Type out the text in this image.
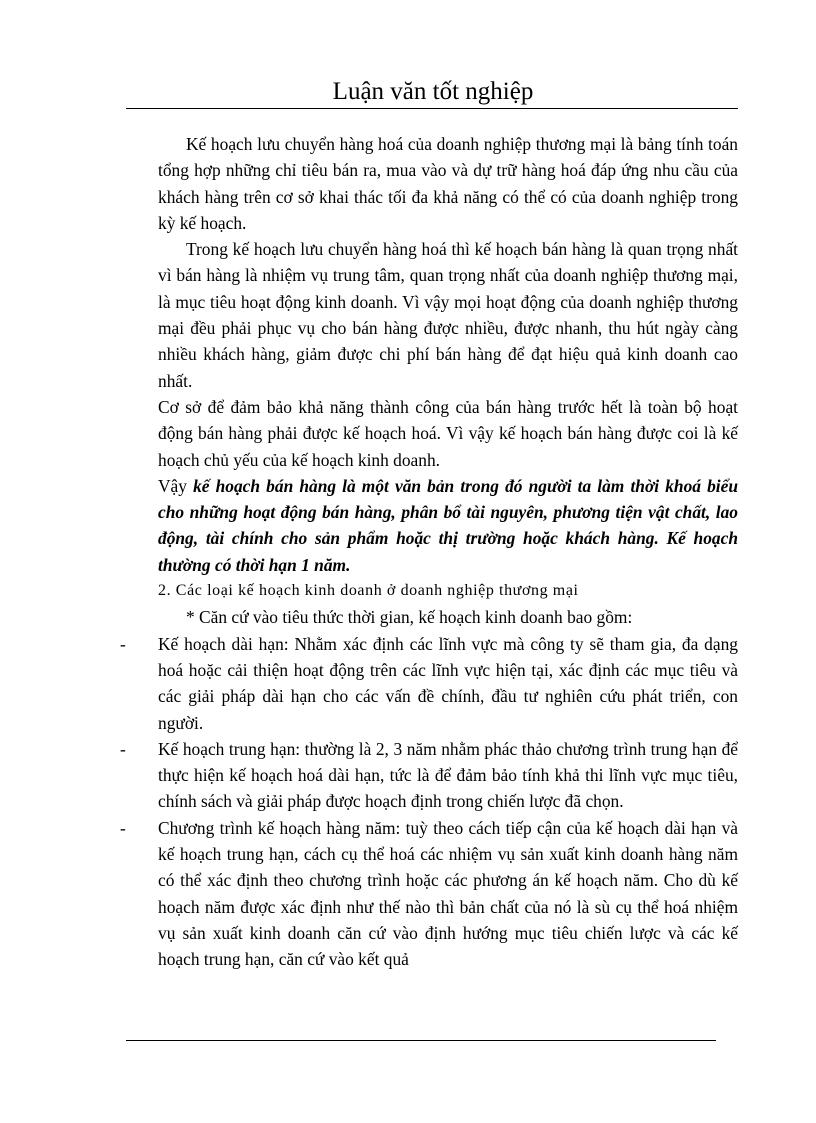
Luận văn tốt nghiệp

Kế hoạch lưu chuyển hàng hoá của doanh nghiệp thương mại là bảng tính toán tổng hợp những chỉ tiêu bán ra, mua vào và dự trữ hàng hoá đáp ứng nhu cầu của khách hàng trên cơ sở khai thác tối đa khả năng có thể có của doanh nghiệp trong kỳ kế hoạch.

Trong kế hoạch lưu chuyển hàng hoá thì kế hoạch bán hàng là quan trọng nhất vì bán hàng là nhiệm vụ trung tâm, quan trọng nhất của doanh nghiệp thương mại, là mục tiêu hoạt động kinh doanh. Vì vậy mọi hoạt động của doanh nghiệp thương mại đều phải phục vụ cho bán hàng được nhiều, được nhanh, thu hút ngày càng nhiều khách hàng, giảm được chi phí bán hàng để đạt hiệu quả kinh doanh cao nhất.

Cơ sở để đảm bảo khả năng thành công của bán hàng trước hết là toàn bộ hoạt động bán hàng phải được kế hoạch hoá. Vì vậy kế hoạch bán hàng được coi là kế hoạch chủ yếu của kế hoạch kinh doanh.

Vậy kế hoạch bán hàng là một văn bản trong đó người ta làm thời khoá biểu cho những hoạt động bán hàng, phân bổ tài nguyên, phương tiện vật chất, lao động, tài chính cho sản phẩm hoặc thị trường hoặc khách hàng. Kế hoạch thường có thời hạn 1 năm.

2. Các loại kế hoạch kinh doanh ở doanh nghiệp thương mại

* Căn cứ vào tiêu thức thời gian, kế hoạch kinh doanh bao gồm:

- Kế hoạch dài hạn: Nhằm xác định các lĩnh vực mà công ty sẽ tham gia, đa dạng hoá hoặc cải thiện hoạt động trên các lĩnh vực hiện tại, xác định các mục tiêu và các giải pháp dài hạn cho các vấn đề chính, đầu tư nghiên cứu phát triển, con người.

- Kế hoạch trung hạn: thường là 2, 3 năm nhằm phác thảo chương trình trung hạn để thực hiện kế hoạch hoá dài hạn, tức là để đảm bảo tính khả thi lĩnh vực mục tiêu, chính sách và giải pháp được hoạch định trong chiến lược đã chọn.

- Chương trình kế hoạch hàng năm: tuỳ theo cách tiếp cận của kế hoạch dài hạn và kế hoạch trung hạn, cách cụ thể hoá các nhiệm vụ sản xuất kinh doanh hàng năm có thể xác định theo chương trình hoặc các phương án kế hoạch năm. Cho dù kế hoạch năm được xác định như thế nào thì bản chất của nó là sù cụ thể hoá nhiệm vụ sản xuất kinh doanh căn cứ vào định hướng mục tiêu chiến lược và các kế hoạch trung hạn, căn cứ vào kết quả
